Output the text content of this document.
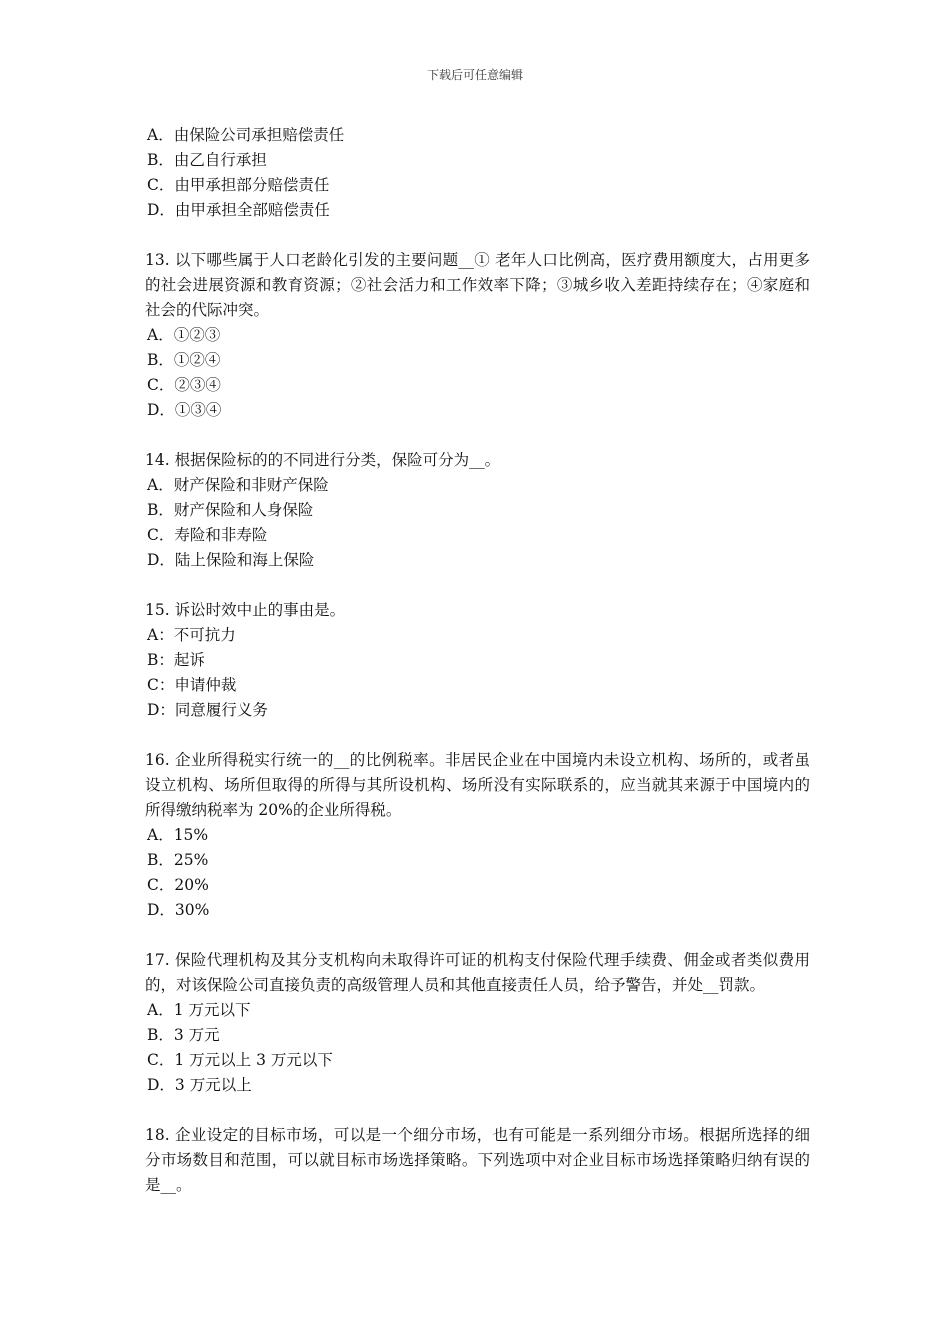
下载后可任意编辑
A．由保险公司承担赔偿责任
B．由乙自行承担
C．由甲承担部分赔偿责任
D．由甲承担全部赔偿责任
13. 以下哪些属于人口老龄化引发的主要问题__① 老年人口比例高，医疗费用额度大，占用更多的社会进展资源和教育资源；②社会活力和工作效率下降；③城乡收入差距持续存在；④家庭和社会的代际冲突。
A．①②③
B．①②④
C．②③④
D．①③④
14. 根据保险标的的不同进行分类，保险可分为__。
A．财产保险和非财产保险
B．财产保险和人身保险
C．寿险和非寿险
D．陆上保险和海上保险
15. 诉讼时效中止的事由是。
A：不可抗力
B：起诉
C：申请仲裁
D：同意履行义务
16. 企业所得税实行统一的__的比例税率。非居民企业在中国境内未设立机构、场所的，或者虽设立机构、场所但取得的所得与其所设机构、场所没有实际联系的，应当就其来源于中国境内的所得缴纳税率为 20%的企业所得税。
A．15%
B．25%
C．20%
D．30%
17. 保险代理机构及其分支机构向未取得许可证的机构支付保险代理手续费、佣金或者类似费用的，对该保险公司直接负责的高级管理人员和其他直接责任人员，给予警告，并处__罚款。
A．1 万元以下
B．3 万元
C．1 万元以上 3 万元以下
D．3 万元以上
18. 企业设定的目标市场，可以是一个细分市场，也有可能是一系列细分市场。根据所选择的细分市场数目和范围，可以就目标市场选择策略。下列选项中对企业目标市场选择策略归纳有误的是__。
